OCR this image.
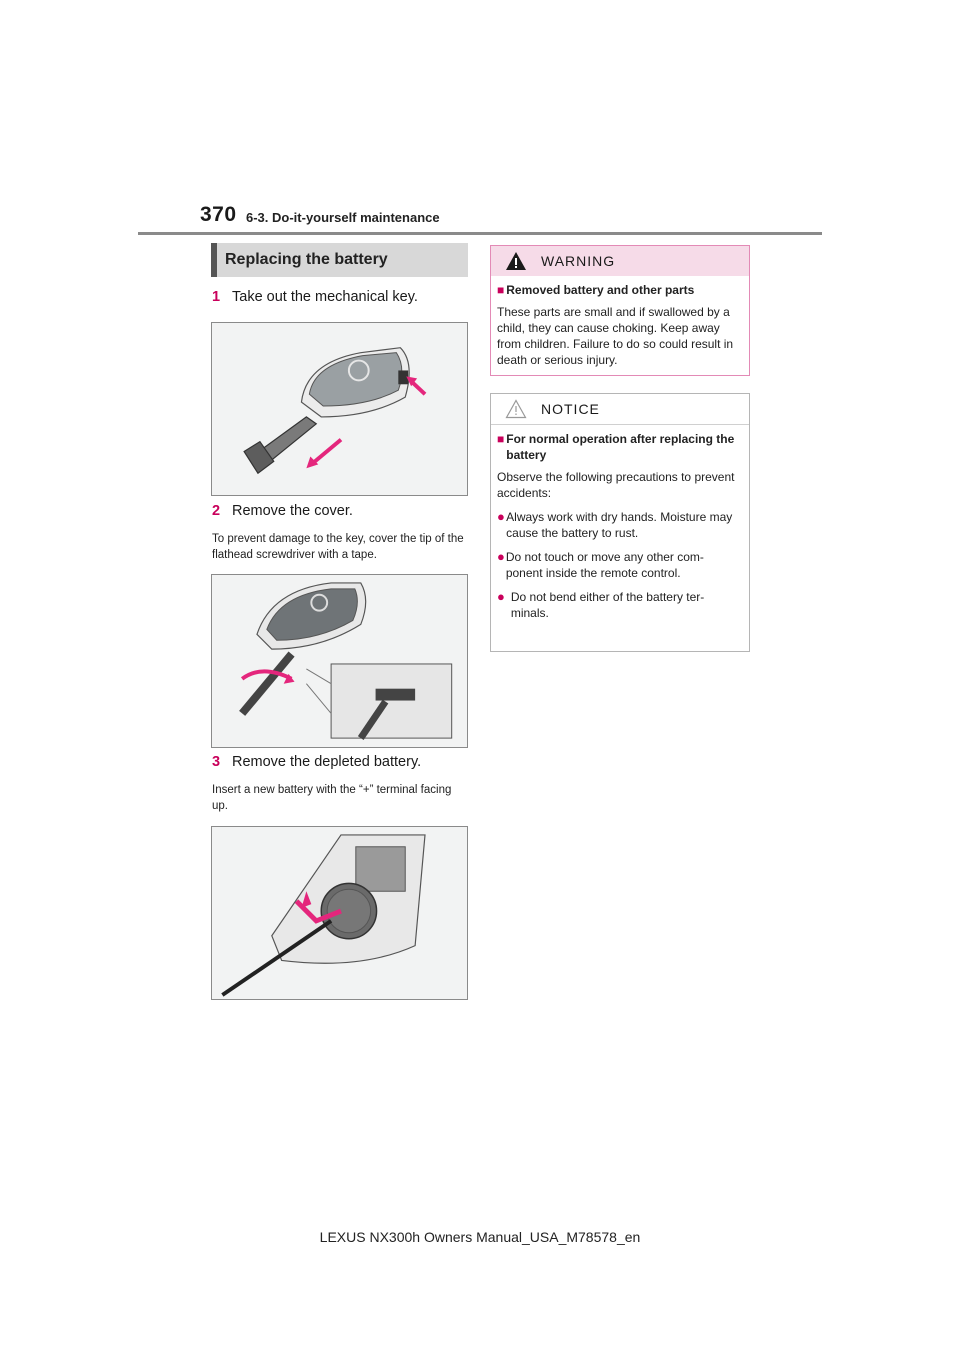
370 6-3. Do-it-yourself maintenance
Replacing the battery
1 Take out the mechanical key.
2 Remove the cover.
To prevent damage to the key, cover the tip of the flathead screwdriver with a tape.
3 Remove the depleted battery.
Insert a new battery with the “+” terminal facing up.
WARNING
■ Removed battery and other parts
These parts are small and if swallowed by a child, they can cause choking. Keep away from children. Failure to do so could result in death or serious injury.
NOTICE
■ For normal operation after replacing the battery
Observe the following precautions to prevent accidents:
● Always work with dry hands. Moisture may cause the battery to rust.
● Do not touch or move any other com- ponent inside the remote control.
● Do not bend either of the battery ter- minals.
LEXUS NX300h Owners Manual_USA_M78578_en
